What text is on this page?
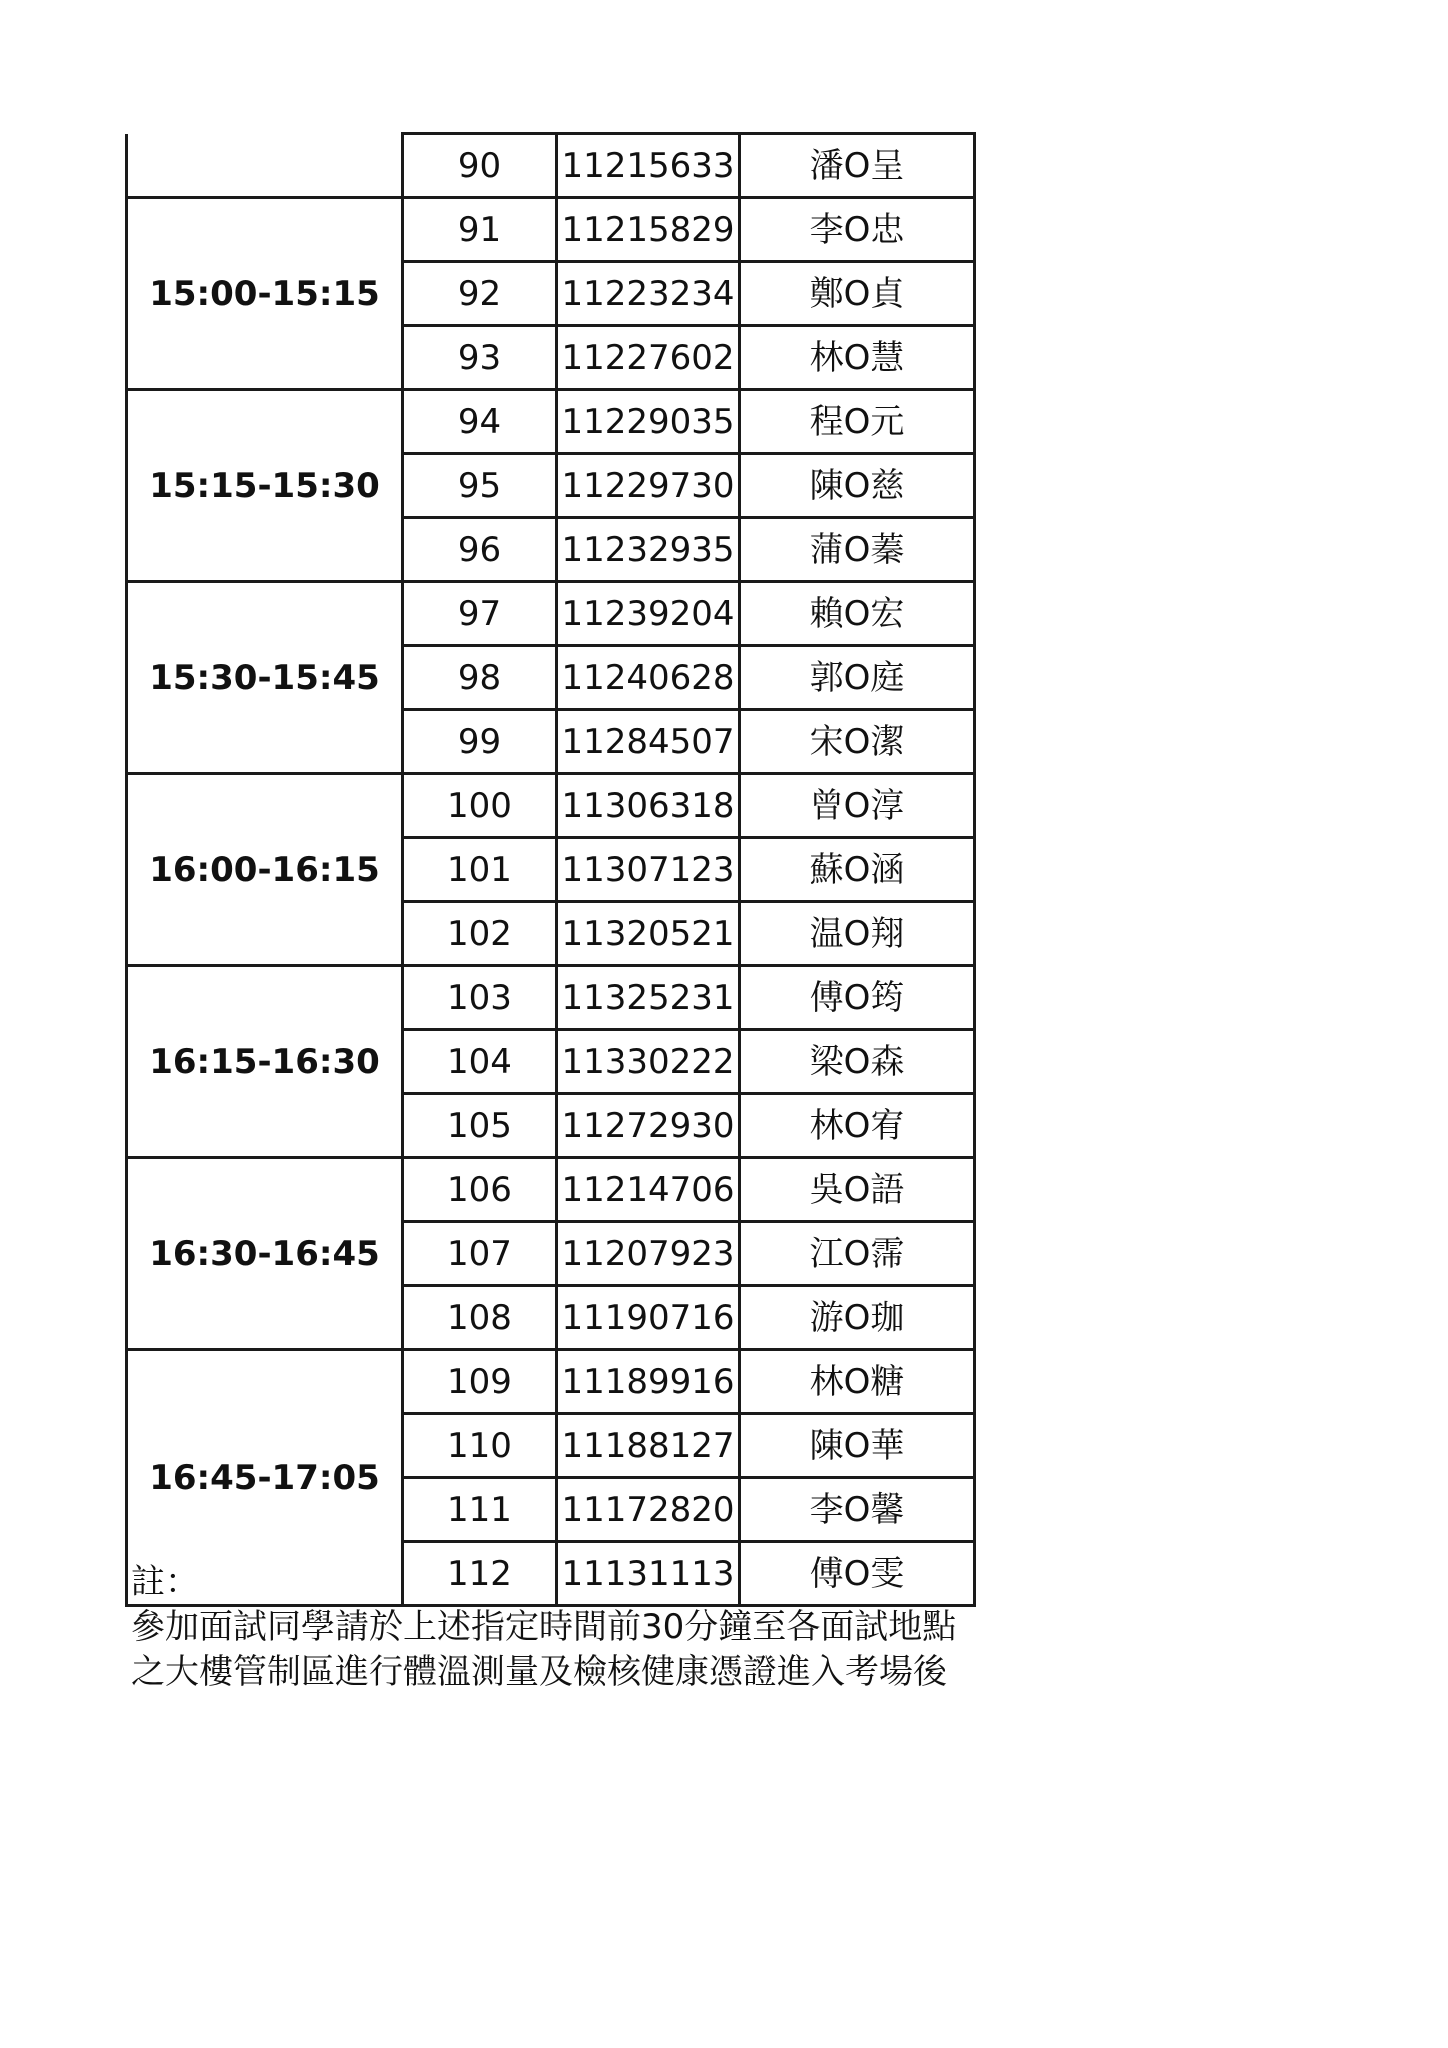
	90	11215633	潘O呈
15:00-15:15	91	11215829	李O忠
	92	11223234	鄭O貞
	93	11227602	林O慧
15:15-15:30	94	11229035	程O元
	95	11229730	陳O慈
	96	11232935	蒲O蓁
15:30-15:45	97	11239204	賴O宏
	98	11240628	郭O庭
	99	11284507	宋O潔
16:00-16:15	100	11306318	曾O淳
	101	11307123	蘇O涵
	102	11320521	温O翔
16:15-16:30	103	11325231	傅O筠
	104	11330222	梁O森
	105	11272930	林O宥
16:30-16:45	106	11214706	吳O語
	107	11207923	江O霈
	108	11190716	游O珈
16:45-17:05	109	11189916	林O糖
	110	11188127	陳O華
	111	11172820	李O馨
	112	11131113	傅O雯
註：
參加面試同學請於上述指定時間前30分鐘至各面試地點
之大樓管制區進行體溫測量及檢核健康憑證進入考場後
